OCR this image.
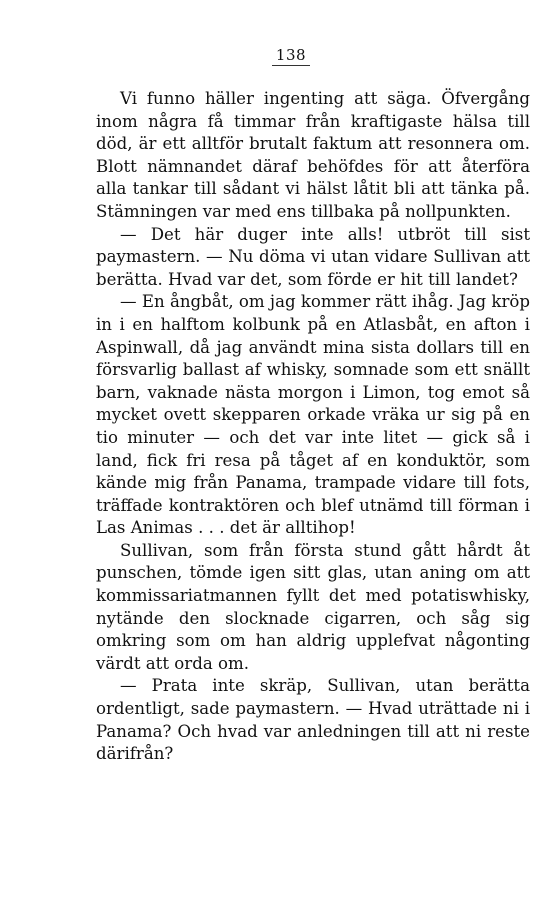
138

Vi funno häller ingenting att säga. Öfvergång inom några få timmar från kraftigaste hälsa till död, är ett alltför brutalt faktum att resonnera om. Blott nämnandet däraf behöfdes för att återföra alla tankar till sådant vi hälst låtit bli att tänka på. Stämningen var med ens tillbaka på nollpunkten.

— Det här duger inte alls! utbröt till sist paymastern. — Nu döma vi utan vidare Sullivan att berätta. Hvad var det, som förde er hit till landet?

— En ångbåt, om jag kommer rätt ihåg. Jag kröp in i en halftom kolbunk på en Atlasbåt, en afton i Aspinwall, då jag användt mina sista dollars till en försvarlig ballast af whisky, somnade som ett snällt barn, vaknade nästa morgon i Limon, tog emot så mycket ovett skepparen orkade vräka ur sig på en tio minuter — och det var inte litet — gick så i land, fick fri resa på tåget af en konduktör, som kände mig från Panama, trampade vidare till fots, träffade kontraktören och blef utnämd till förman i Las Animas . . . det är alltihop!

Sullivan, som från första stund gått hårdt åt punschen, tömde igen sitt glas, utan aning om att kommissariatmannen fyllt det med potatiswhisky, nytände den slocknade cigarren, och såg sig omkring som om han aldrig upplefvat någonting värdt att orda om.

— Prata inte skräp, Sullivan, utan berätta ordentligt, sade paymastern. — Hvad uträttade ni i Panama? Och hvad var anledningen till att ni reste därifrån?
